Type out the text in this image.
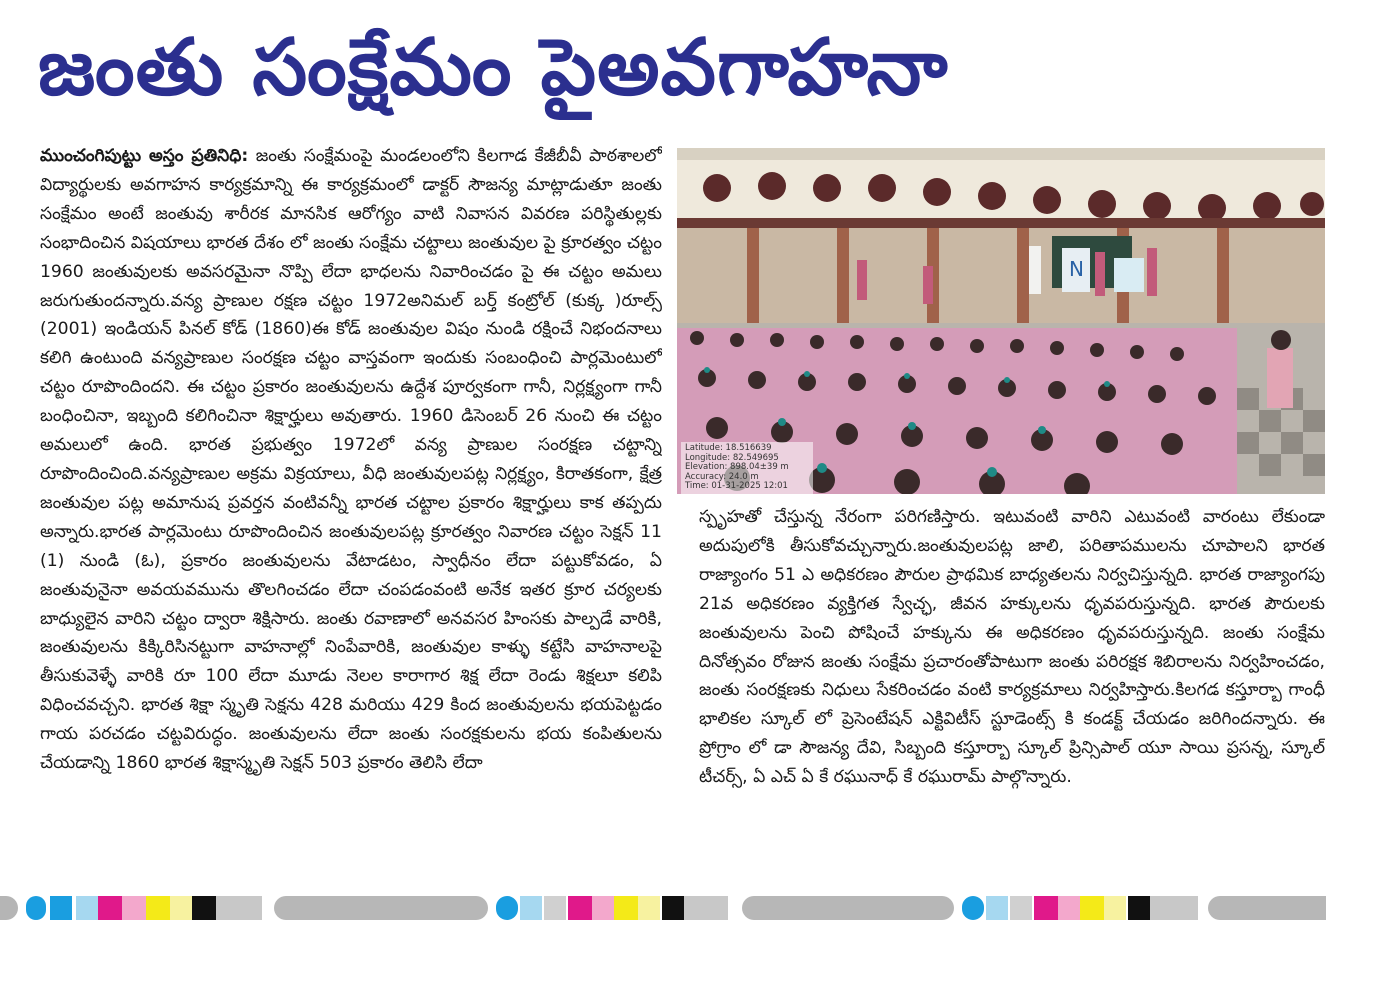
జంతు సంక్షేమం పైఅవగాహనా
ముంచంగిపుట్టు అస్తం ప్రతినిధి: జంతు సంక్షేమంపై మండలంలోని కిలగాడ కేజీబీవీ పాఠశాలలో విద్యార్థులకు అవగాహన కార్యక్రమాన్ని ఈ కార్యక్రమంలో డాక్టర్ సౌజన్య మాట్లాడుతూ జంతు సంక్షేమం అంటే జంతువు శారీరక మానసిక ఆరోగ్యం వాటి నివాసన వివరణ పరిస్థితుల్లకు సంభాదించిన విషయాలు భారత దేశం లో జంతు సంక్షేమ చట్టాలు జంతువుల పై క్రూరత్వం చట్టం 1960 జంతువులకు అవసరమైనా నొప్పి లేదా భాధలను నివారించడం పై ఈ చట్టం అమలు జరుగుతుందన్నారు.వన్య ప్రాణుల రక్షణ చట్టం 1972అనిమల్ బర్త్ కంట్రోల్ (కుక్క )రూల్స్ (2001) ఇండియన్ పినల్ కోడ్ (1860)ఈ కోడ్ జంతువుల విషం నుండి రక్షించే నిభందనాలు కలిగి ఉంటుంది వన్యప్రాణుల సంరక్షణ చట్టం వాస్తవంగా ఇందుకు సంబంధించి పార్లమెంటులో చట్టం రూపొందిందని. ఈ చట్టం ప్రకారం జంతువులను ఉద్దేశ పూర్వకంగా గానీ, నిర్లక్ష్యంగా గానీ బంధించినా, ఇబ్బంది కలిగించినా శిక్షార్హులు అవుతారు. 1960 డిసెంబర్ 26 నుంచి ఈ చట్టం అమలులో ఉంది. భారత ప్రభుత్వం 1972లో వన్య ప్రాణుల సంరక్షణ చట్టాన్ని రూపొందించింది.వన్యప్రాణుల అక్రమ విక్రయాలు, వీధి జంతువులపట్ల నిర్లక్ష్యం, కిరాతకంగా, క్షేత్ర జంతువుల పట్ల అమానుష ప్రవర్తన వంటివన్నీ భారత చట్టాల ప్రకారం శిక్షార్హులు కాక తప్పదు అన్నారు.భారత పార్లమెంటు రూపొందించిన జంతువులపట్ల క్రూరత్వం నివారణ చట్టం సెక్షన్ 11 (1) నుండి (ఓ), ప్రకారం జంతువులను వేటాడటం, స్వాధీనం లేదా పట్టుకోవడం, ఏ జంతువునైనా అవయవమును తొలగించడం లేదా చంపడంవంటి అనేక ఇతర క్రూర చర్యలకు బాధ్యులైన వారిని చట్టం ద్వారా శిక్షిసారు. జంతు రవాణాలో అనవసర హింసకు పాల్పడే వారికి, జంతువులను కిక్కిరిసినట్టుగా వాహనాల్లో నింపేవారికి, జంతువుల కాళ్ళు కట్టేసి వాహనాలపై తీసుకువెళ్ళే వారికి రూ 100 లేదా మూడు నెలల కారాగార శిక్ష లేదా రెండు శిక్షలూ కలిపి విధించవచ్చని. భారత శిక్షా స్మృతి సెక్షను 428 మరియు 429 కింద జంతువులను భయపెట్టడం గాయ పరచడం చట్టవిరుద్ధం. జంతువులను లేదా జంతు సంరక్షకులను భయ కంపితులను చేయడాన్ని 1860 భారత శిక్షాస్మృతి సెక్షన్ 503 ప్రకారం తెలిసి లేదా
N
Latitude: 18.516639
Longitude: 82.549695
Elevation: 898.04±39 m
Accuracy: 24.0 m
Time: 01-31-2025 12:01
స్పృహతో చేస్తున్న నేరంగా పరిగణిస్తారు. ఇటువంటి వారిని ఎటువంటి వారంటు లేకుండా అదుపులోకి తీసుకోవచ్చున్నారు.జంతువులపట్ల జాలి, పరితాపములను చూపాలని భారత రాజ్యాంగం 51 ఎ అధికరణం పౌరుల ప్రాథమిక బాధ్యతలను నిర్వచిస్తున్నది. భారత రాజ్యాంగపు 21వ అధికరణం వ్యక్తిగత స్వేచ్ఛ, జీవన హక్కులను ధృవపరుస్తున్నది. భారత పౌరులకు జంతువులను పెంచి పోషించే హక్కును ఈ అధికరణం ధృవపరుస్తున్నది. జంతు సంక్షేమ దినోత్సవం రోజున జంతు సంక్షేమ ప్రచారంతోపాటుగా జంతు పరిరక్షక శిబిరాలను నిర్వహించడం, జంతు సంరక్షణకు నిధులు సేకరించడం వంటి కార్యక్రమాలు నిర్వహిస్తారు.కిలగడ కస్తూర్బా గాంధీ భాలికల స్కూల్ లో ప్రెసెంటేషన్ ఎక్టివిటీస్ స్టూడెంట్స్ కి కండక్ట్ చేయడం జరిగిందన్నారు. ఈ ప్రోగ్రాం లో డా సౌజన్య దేవి, సిబ్బంది కస్తూర్బా స్కూల్ ప్రిన్సిపాల్ యూ సాయి ప్రసన్న, స్కూల్ టీచర్స్, ఏ ఎచ్ ఏ కే రఘునాధ్ కే రఘురామ్ పాల్గొన్నారు.
